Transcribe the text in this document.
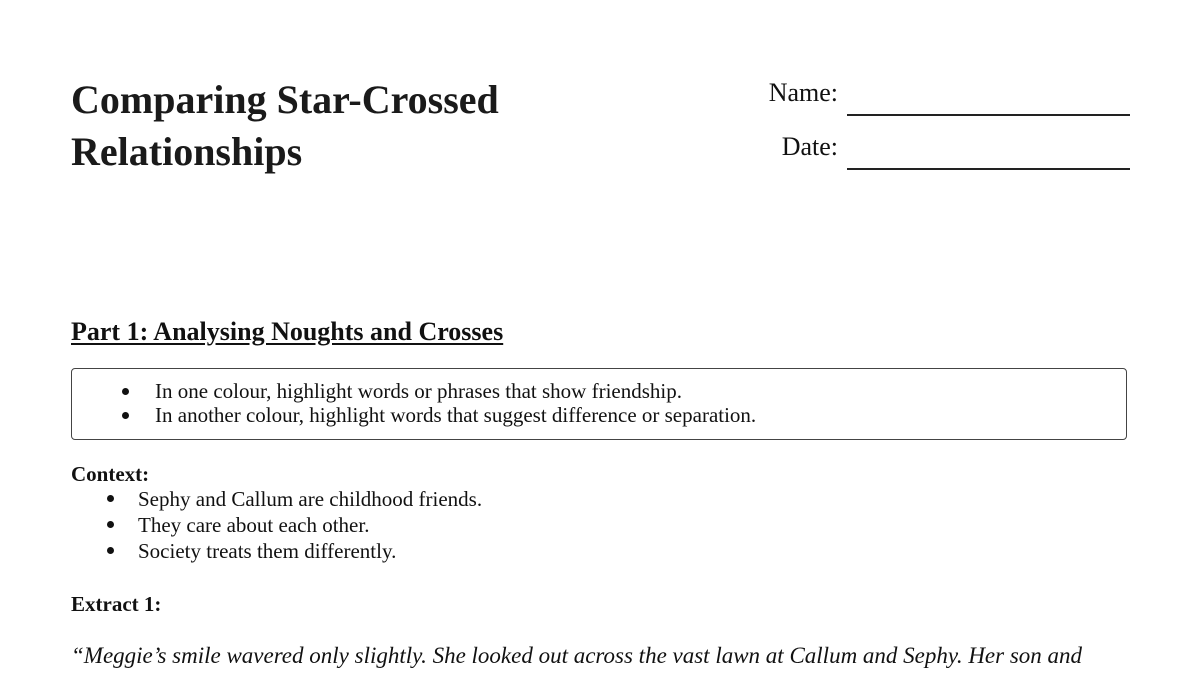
Comparing Star-Crossed
Relationships
Name:
Date:
Part 1: Analysing Noughts and Crosses
In one colour, highlight words or phrases that show friendship.
In another colour, highlight words that suggest difference or separation.
Context:
Sephy and Callum are childhood friends.
They care about each other.
Society treats them differently.
Extract 1:

“Meggie’s smile wavered only slightly. She looked out across the vast lawn at Callum and Sephy. Her son and
